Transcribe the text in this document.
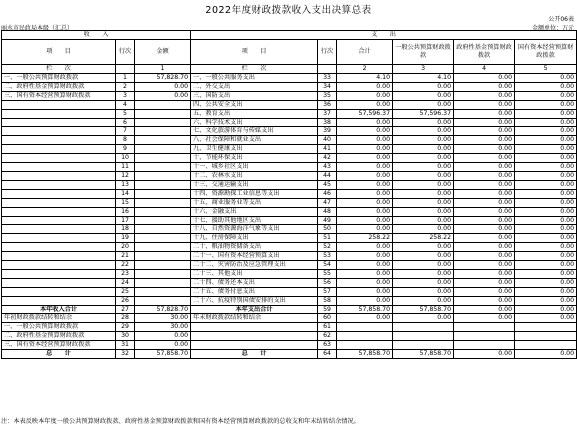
2022年度财政拨款收入支出决算总表
公开06表
丽水市民政局本级（汇总）	金额单位：万元
收　　入			支　　出					
项　　目	行次	金额	项　　目	行次	合计	一般公共预算财政拨款	政府性基金预算财政拨款	国有资本经营预算财政拨款
栏　　次		1	栏　　次		2	3	4	5
一、一般公共预算财政拨款	1	57,828.70	一、一般公共服务支出	33	4.10	4.10	0.00	0.00
二、政府性基金预算财政拨款	2	0.00	二、外交支出	34	0.00	0.00	0.00	0.00
三、国有资本经营预算财政拨款	3	0.00	三、国防支出	35	0.00	0.00	0.00	0.00
	4		四、公共安全支出	36	0.00	0.00	0.00	0.00
	5		五、教育支出	37	57,596.37	57,596.37	0.00	0.00
	6		六、科学技术支出	38	0.00	0.00	0.00	0.00
	7		七、文化旅游体育与传媒支出	39	0.00	0.00	0.00	0.00
	8		八、社会保障和就业支出	40	0.00	0.00	0.00	0.00
	9		九、卫生健康支出	41	0.00	0.00	0.00	0.00
	10		十、节能环保支出	42	0.00	0.00	0.00	0.00
	11		十一、城乡社区支出	43	0.00	0.00	0.00	0.00
	12		十二、农林水支出	44	0.00	0.00	0.00	0.00
	13		十三、交通运输支出	45	0.00	0.00	0.00	0.00
	14		十四、资源勘探工业信息等支出	46	0.00	0.00	0.00	0.00
	15		十五、商业服务业等支出	47	0.00	0.00	0.00	0.00
	16		十六、金融支出	48	0.00	0.00	0.00	0.00
	17		十七、援助其他地区支出	49	0.00	0.00	0.00	0.00
	18		十八、自然资源海洋气象等支出	50	0.00	0.00	0.00	0.00
	19		十九、住房保障支出	51	258.22	258.22	0.00	0.00
	20		二十、粮油物资储备支出	52	0.00	0.00	0.00	0.00
	21		二十一、国有资本经营预算支出	53	0.00	0.00	0.00	0.00
	22		二十二、灾害防治及应急管理支出	54	0.00	0.00	0.00	0.00
	23		二十三、其他支出	55	0.00	0.00	0.00	0.00
	24		二十四、债务还本支出	56	0.00	0.00	0.00	0.00
	25		二十五、债务付息支出	57	0.00	0.00	0.00	0.00
	26		二十六、抗疫特别国债安排的支出	58	0.00	0.00	0.00	0.00
本年收入合计	27	57,828.70	本年支出合计	59	57,858.70	57,858.70	0.00	0.00
年初财政拨款结转和结余	28	30.00	年末财政拨款结转和结余	60	0.00	0.00	0.00	0.00
一、一般公共预算财政拨款	29	30.00		61				
二、政府性基金预算财政拨款	30	0.00		62				
三、国有资本经营预算财政拨款	31	0.00		63				
总　　计	32	57,858.70	总　　计	64	57,858.70	57,858.70	0.00	0.00
注：本表反映本年度一般公共预算财政拨款、政府性基金预算财政拨款和国有资本经营预算财政拨款的总收支和年末结转结余情况。
